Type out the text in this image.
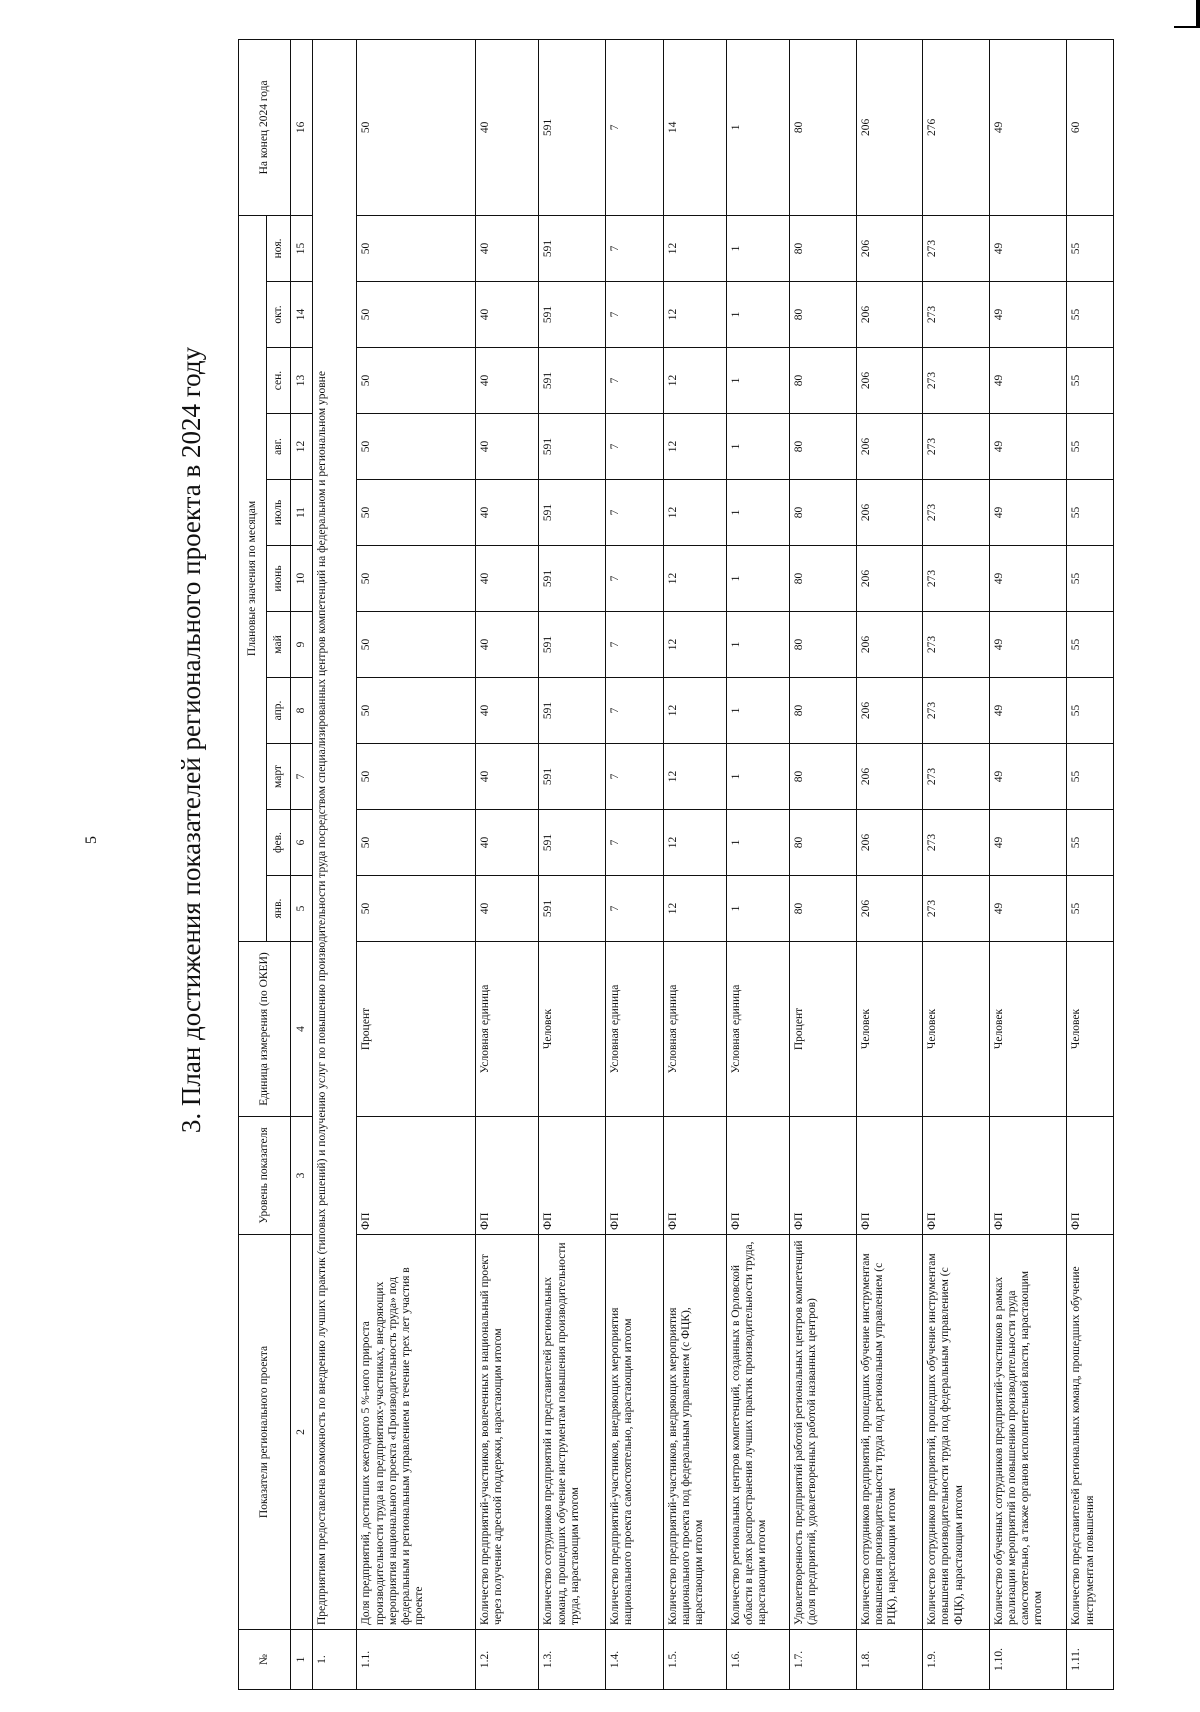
5	3. План достижения показателей регионального проекта в 2024 году
№	Показатели регионального проекта	Уровень показателя	Единица измерения (по ОКЕИ)	Плановые значения по месяцам											На конец 2024 года
				янв.	фев.	март	апр.	май	июнь	июль	авг.	сен.	окт.	ноя.	
1	2	3	4	5	6	7	8	9	10	11	12	13	14	15	16
1.	Предприятиям предоставлена возможность по внедрению лучших практик (типовых решений) и получению услуг по повышению производительности труда посредством специализированных центров компетенций на федеральном и региональном уровне														
1.1.	Доля предприятий, достигших ежегодного 5 %-ного прироста производительности труда на предприятиях-участниках, внедряющих мероприятия национального проекта «Производительность труда» под федеральным и региональным управлением в течение трех лет участия в проекте	ФП	Процент	50	50	50	50	50	50	50	50	50	50	50	50
1.2.	Количество предприятий-участников, вовлеченных в национальный проект через получение адресной поддержки, нарастающим итогом	ФП	Условная единица	40	40	40	40	40	40	40	40	40	40	40	40
1.3.	Количество сотрудников предприятий и представителей региональных команд, прошедших обучение инструментам повышения производительности труда, нарастающим итогом	ФП	Человек	591	591	591	591	591	591	591	591	591	591	591	591
1.4.	Количество предприятий-участников, внедряющих мероприятия национального проекта самостоятельно, нарастающим итогом	ФП	Условная единица	7	7	7	7	7	7	7	7	7	7	7	7
1.5.	Количество предприятий-участников, внедряющих мероприятия национального проекта под федеральным управлением (с ФЦК), нарастающим итогом	ФП	Условная единица	12	12	12	12	12	12	12	12	12	12	12	14
1.6.	Количество региональных центров компетенций, созданных в Орловской области в целях распространения лучших практик производительности труда, нарастающим итогом	ФП	Условная единица	1	1	1	1	1	1	1	1	1	1	1	1
1.7.	Удовлетворенность предприятий работой региональных центров компетенций (доля предприятий, удовлетворенных работой названных центров)	ФП	Процент	80	80	80	80	80	80	80	80	80	80	80	80
1.8.	Количество сотрудников предприятий, прошедших обучение инструментам повышения производительности труда под региональным управлением (с РЦК), нарастающим итогом	ФП	Человек	206	206	206	206	206	206	206	206	206	206	206	206
1.9.	Количество сотрудников предприятий, прошедших обучение инструментам повышения производительности труда под федеральным управлением (с ФЦК), нарастающим итогом	ФП	Человек	273	273	273	273	273	273	273	273	273	273	273	276
1.10.	Количество обученных сотрудников предприятий-участников в рамках реализации мероприятий по повышению производительности труда самостоятельно, а также органов исполнительной власти, нарастающим итогом	ФП	Человек	49	49	49	49	49	49	49	49	49	49	49	49
1.11.	Количество представителей региональных команд, прошедших обучение инструментам повышения	ФП	Человек	55	55	55	55	55	55	55	55	55	55	55	60
